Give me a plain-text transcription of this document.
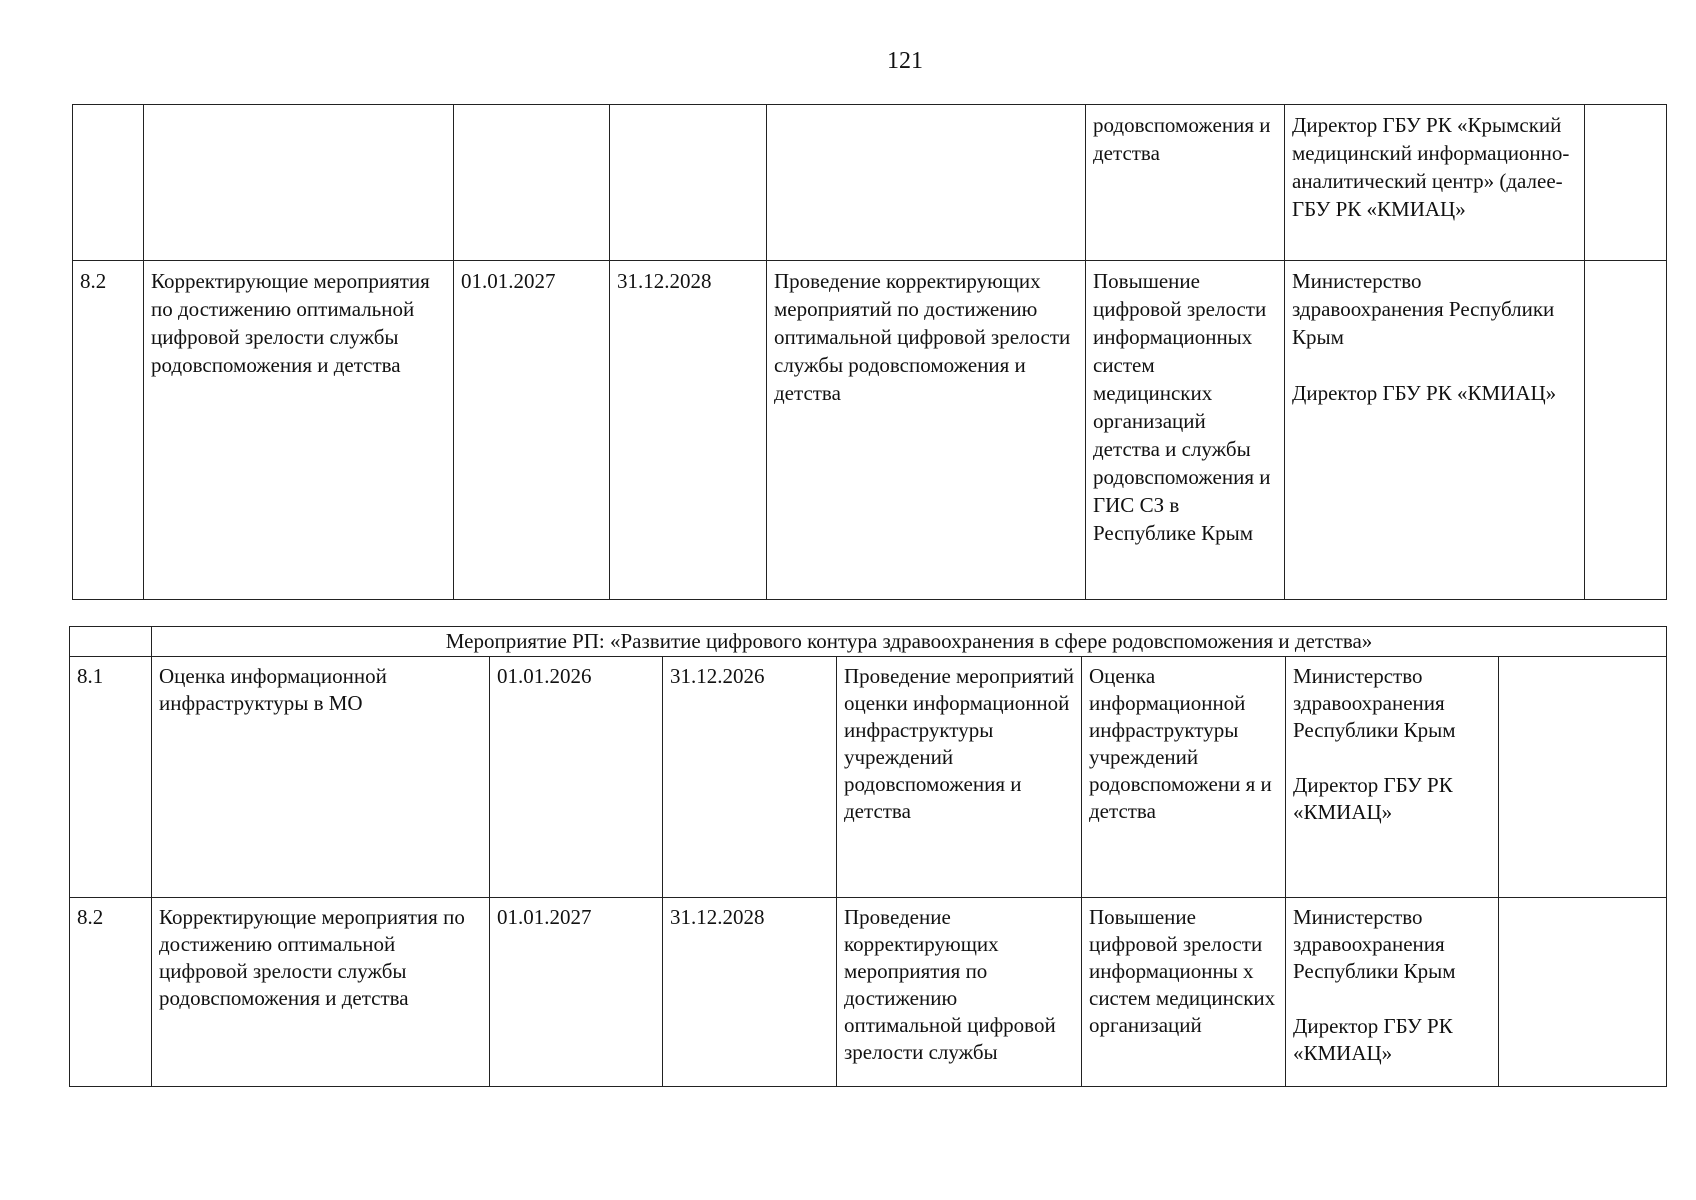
121
					родовспоможения и детства	Директор ГБУ РК «Крымский медицинский информационно-аналитический центр» (далее- ГБУ РК «КМИАЦ»	
8.2	Корректирующие мероприятия по достижению оптимальной цифровой зрелости службы родовспоможения и детства	01.01.2027	31.12.2028	Проведение корректирующих мероприятий по достижению оптимальной цифровой зрелости службы родовспоможения и детства	Повышение цифровой зрелости информационных систем медицинских организаций детства и службы родовспоможения и ГИС СЗ в Республике Крым	Министерство здравоохранения Республики Крым
Директор ГБУ РК «КМИАЦ»	
	Мероприятие РП: «Развитие цифрового контура здравоохранения в сфере родовспоможения и детства»						
8.1	Оценка информационной инфраструктуры в МО	01.01.2026	31.12.2026	Проведение мероприятий оценки информационной инфраструктуры учреждений родовспоможения и детства	Оценка информационной инфраструктуры учреждений родовспоможени я и детства	Министерство здравоохранения Республики Крым
Директор ГБУ РК «КМИАЦ»	
8.2	Корректирующие мероприятия по достижению оптимальной цифровой зрелости службы родовспоможения и детства	01.01.2027	31.12.2028	Проведение корректирующих мероприятия по достижению оптимальной цифровой зрелости службы	Повышение цифровой зрелости информационны х систем медицинских организаций	Министерство здравоохранения Республики Крым
Директор ГБУ РК «КМИАЦ»	
